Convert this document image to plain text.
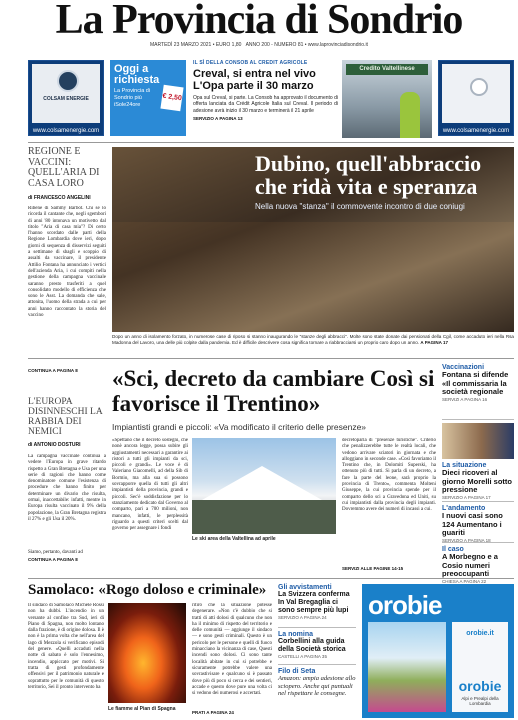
La Provincia di Sondrio
MARTEDÌ 23 MARZO 2021 • EURO 1,80 ANNO 200 - NUMERO 81 • www.laprovinciadisondrio.it
COLSAM ENERGIE
www.colsamenergie.com
Oggi a richiesta
La Provincia di Sondrio più iSole24ore
€ 2,50
IL SÌ DELLA CONSOB AL CREDIT AGRICOLE
Creval, si entra nel vivo L'Opa parte il 30 marzo
Opa sul Creval, si parte. La Consob ha approvato il documento di offerta lanciata da Crédit Agricole Italia sul Creval. Il periodo di adesione avrà inizio il 30 marzo e terminerà il 21 aprile
SERVIZIO A PAGINA 13
Credito Valtellinese
www.colsamenergie.com
REGIONE E VACCINI: QUELL'ARIA DI CASA LORO
di FRANCESCO ANGELINI
Ribene di Sammy Barbot. Chi se lo ricorda il cantante che, negli sgembori di anni '80 intonava un motivetto dal titolo "Aria di casa mia"? Di certo l'hanno scordato dalle parti della Regione Lombardia dove ieri, dopo giorni di sequenza di disservizi seguiti a settimane di sbagli e scoppio di assalti da vaccinare, il presidente Attilio Fontana ha annunciato i vertici dell'azienda Aria, i cui compiti nella gestione della campagna vaccinale saranno presto trasferiti a quel consolidato modello di efficienza che sono le Asst. La domanda che sale, attonita, l'uomo della strada a cui per anni hanno raccontato la storia del vaccino
CONTINUA A PAGINA 8
Dubino, quell'abbraccio che ridà vita e speranza
Nella nuova "stanza" il commovente incontro di due coniugi
Dopo un anno di isolamento forzato, in numerose case di riposo si stanno inaugurando le "stanze degli abbracci". Molte sono state donate dai pensionati della Cgil, come accaduto ieri nella Rsa Madonna del Lavoro, una delle più colpite dalla pandemia. Ed è difficile descrivere cosa significa tornare a riabbracciarsi un proprio caro dopo un anno. A PAGINA 17
L'EUROPA DISINNESCHI LA RABBIA DEI NEMICI
di ANTONIO DOSTURI
La campagna vaccinale continua a vedere l'Europa in grave ritardo rispetto a Gran Bretagna e Usa per una serie di ragioni che hanno come denominatore comune l'esistenza di procedure che hanno finito per determinare un divario che risulta, ormai, inaccettabile: infatti, mentre in Europa risulta vaccinato il 9% della popolazione, la Gran Bretagna registra il 27% e gli Usa il 20%.
Siamo, pertanto, davanti ad
CONTINUA A PAGINA 8
«Sci, decreto da cambiare Così si favorisce il Trentino»
Impiantisti grandi e piccoli: «Va modificato il criterio delle presenze»
«Spettano che il decreto sostegni, che nonè ancora legge, possa subire gli aggiustamenti necessari a garantire ai ristori a tutti gli impianti da sci, piccoli e grandi». Le voce è di Valeriano Giacomelli, ad della Sib di Bormio, ma alla sua si possono sovrapporre quella di tutti gli altri impiantisti della provincia, grandi e piccoli. Sec'è soddisfazione per lo stanziamento dedicato dal Governo al comparto, pari a 700 milioni, non mancano, infatti, le perplessità riguardo a questi criteri scelti dal governo per assegnare i fondi
Le ski area della Valtellina ad aprile
decretoparla di "presenze turistiche". Criterio che penalizzerebbe tutte le realtà locali, che vedono arrivare sciatori in giornata e che alloggiano in seconde case. «Così favoriamo il Trentino che, in Dolomiti Superski, ha ottenuto più di tutti. Si parla di un decreto, a fare la parte del leone, sarà proprio la provincia di Trento», commenta Molteni Giuseppe, la cui provincia spende per il comparto dello sci a Gravedona ed Uniti, su cui impiantisti dalla provincia degli impianti. Dovremmo avere dei numeri di incassi a cui.
SERVIZI ALLE PAGINE 14-15
Vaccinazioni
Fontana si difende «Il commissaria la società regionale
SERVIZI A PAGINA 16
La situazione
Dieci ricoveri al giorno Morelli sotto pressione
SERVIZIO A PAGINA 17
L'andamento
I nuovi casi sono 124 Aumentano i guariti
SERVIZIO A PAGINA 18
Il caso
A Morbegno e a Cosio numeri preoccupanti
CHIESA A PAGINA 22
Samolaco: «Rogo doloso e criminale»
Il sindaco di Samolaco Michele Rossi non ha dubbi. L'incendio in un versante al confine tra Sud, ieri di Piano di Spagna, non molto lontano dalla frazione, è di origine dolosa. Il è non è la prima volta che nell'area del lago di Mezzola si verificano episodi del genere. «Quelli accaduti nella notte di sabato è solo l'ennesimo, incendio, appiccato per motivi. Si tratta di gesti profondamente offensivi per il patrimonio naturale e soprattutto per le comunità di questo territorio, Sei il pronto intervento ha
Le fiamme al Pian di Spagna
ritiro che la situazione potesse degenerare. «Non c'è dubbio che si tratti di atti dolosi di qualcuno che non ha il minimo di rispetto del territorio e delle comunità — aggiunge il sindaco — e sono gesti criminali. Questo è un pericolo per le persone e quelli di fuoco minacciano la vicinanza di case, Questi incendi sono dolosi. Ci sono tante località abitate in cui si potrebbe e sicuramente potrebbe valere una sovrastivisare e qualcuno si è passato dove più di poco si cerca e dei sentieri, accade e questo dove pure una volta ci si vedono dei numerosi e accertati.
PRATI A PAGINA 24
Gli avvistamenti
La Svizzera conferma In Val Bregaglia ci sono sempre più lupi
SERVIZIO A PAGINA 24
La nomina
Corbellini alla guida della Società storica
CASTELLI A PAGINA 35
Filo di Seta
Amazon: ampia adesione allo sciopero. Anche qui puntuali nel rispettare le consegne.
orobie
orobie.it
orobie
Alpi e Prealpi della Lombardia
